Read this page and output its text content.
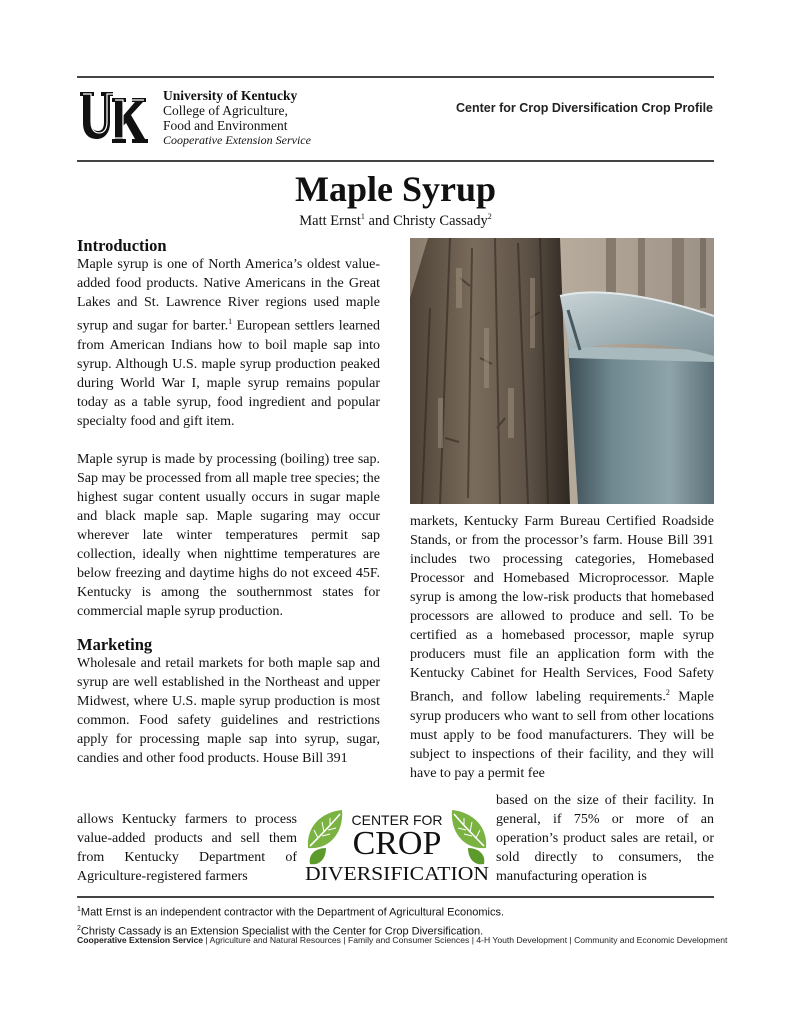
University of Kentucky
College of Agriculture,
Food and Environment
Cooperative Extension Service
Center for Crop Diversification Crop Profile
Maple Syrup
Matt Ernst$^1$ and Christy Cassady$^2$
Introduction

Maple syrup is one of North America’s oldest value-added food products. Native Americans in the Great Lakes and St. Lawrence River regions used maple syrup and sugar for barter.$^1$ European settlers learned from American Indians how to boil maple sap into syrup. Although U.S. maple syrup production peaked during World War I, maple syrup remains popular today as a table syrup, food ingredient and popular specialty food and gift item.

Maple syrup is made by processing (boiling) tree sap. Sap may be processed from all maple tree species; the highest sugar content usually occurs in sugar maple and black maple sap. Maple sugaring may occur wherever late winter temperatures permit sap collection, ideally when nighttime temperatures are below freezing and daytime highs do not exceed 45F. Kentucky is among the southernmost states for commercial maple syrup production.

Marketing

Wholesale and retail markets for both maple sap and syrup are well established in the Northeast and upper Midwest, where U.S. maple syrup production is most common. Food safety guidelines and restrictions apply for processing maple sap into syrup, sugar, candies and other food products. House Bill 391

allows Kentucky farmers to process value-added products and sell them from Kentucky Department of Agriculture-registered farmers

markets, Kentucky Farm Bureau Certified Roadside Stands, or from the processor’s farm. House Bill 391 includes two processing categories, Homebased Processor and Homebased Microprocessor. Maple syrup is among the low-risk products that homebased processors are allowed to produce and sell. To be certified as a homebased processor, maple syrup producers must file an application form with the Kentucky Cabinet for Health Services, Food Safety Branch, and follow labeling requirements.$^2$ Maple syrup producers who want to sell from other locations must apply to be food manufacturers. They will be subject to inspections of their facility, and they will have to pay a permit fee

based on the size of their facility. In general, if 75% or more of an operation’s product sales are retail, or sold directly to consumers, the manufacturing operation is

CENTER FOR
CROP
DIVERSIFICATION
$^1$Matt Ernst is an independent contractor with the Department of Agricultural Economics.
$^2$Christy Cassady is an Extension Specialist with the Center for Crop Diversification.
Cooperative Extension Service | Agriculture and Natural Resources | Family and Consumer Sciences | 4-H Youth Development | Community and Economic Development
